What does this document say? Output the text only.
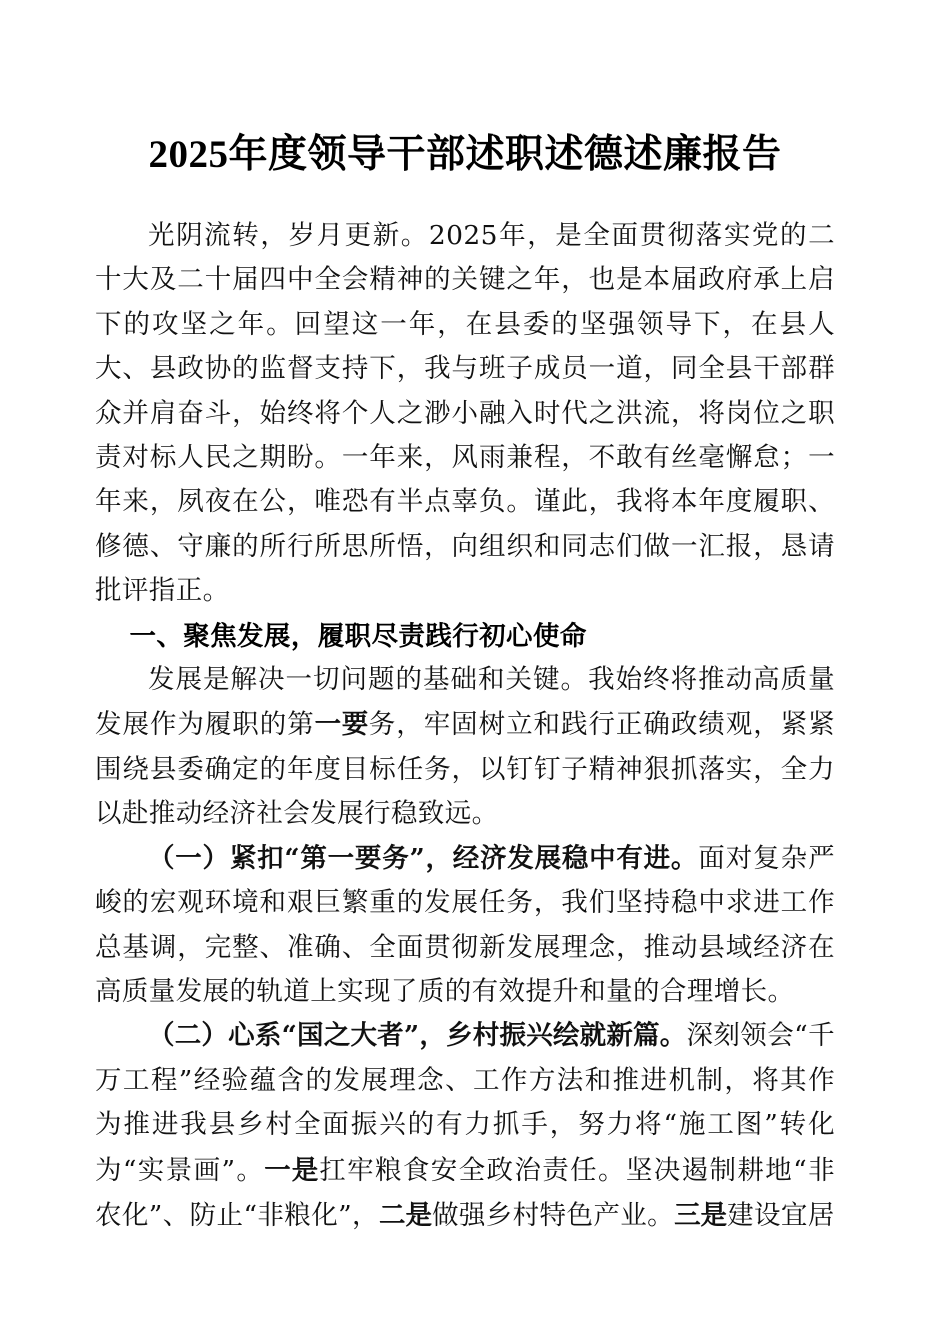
2025年度领导干部述职述德述廉报告

光阴流转，岁月更新。2025年，是全面贯彻落实党的二十大及二十届四中全会精神的关键之年，也是本届政府承上启下的攻坚之年。回望这一年，在县委的坚强领导下，在县人大、县政协的监督支持下，我与班子成员一道，同全县干部群众并肩奋斗，始终将个人之渺小融入时代之洪流，将岗位之职责对标人民之期盼。一年来，风雨兼程，不敢有丝毫懈怠；一年来，夙夜在公，唯恐有半点辜负。谨此，我将本年度履职、修德、守廉的所行所思所悟，向组织和同志们做一汇报，恳请批评指正。

一、聚焦发展，履职尽责践行初心使命

发展是解决一切问题的基础和关键。我始终将推动高质量发展作为履职的第一要务，牢固树立和践行正确政绩观，紧紧围绕县委确定的年度目标任务，以钉钉子精神狠抓落实，全力以赴推动经济社会发展行稳致远。

（一）紧扣“第一要务”，经济发展稳中有进。面对复杂严峻的宏观环境和艰巨繁重的发展任务，我们坚持稳中求进工作总基调，完整、准确、全面贯彻新发展理念，推动县域经济在高质量发展的轨道上实现了质的有效提升和量的合理增长。

（二）心系“国之大者”，乡村振兴绘就新篇。深刻领会“千万工程”经验蕴含的发展理念、工作方法和推进机制，将其作为推进我县乡村全面振兴的有力抓手，努力将“施工图”转化为“实景画”。一是扛牢粮食安全政治责任。坚决遏制耕地“非农化”、防止“非粮化”，二是做强乡村特色产业。三是建设宜居
